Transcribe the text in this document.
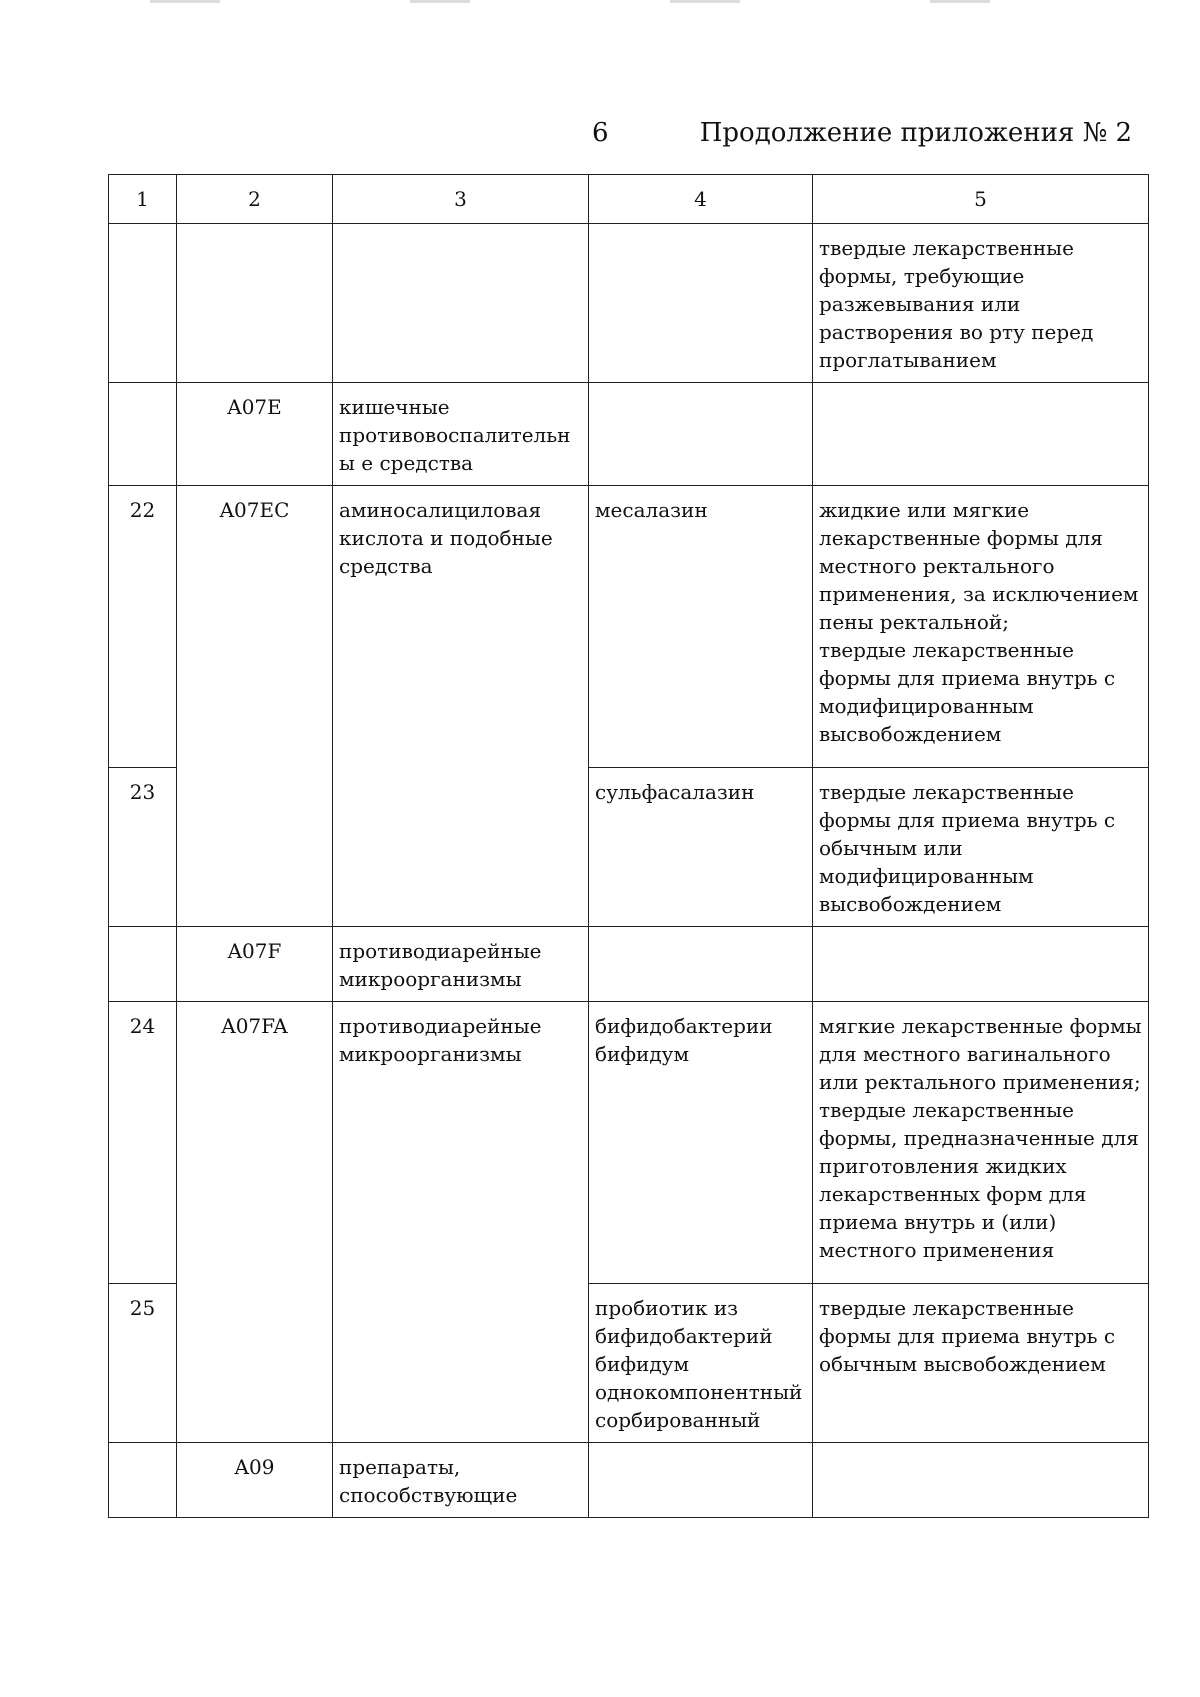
6	Продолжение приложения № 2
1	2	3	4	5
				твердые лекарственные формы, требующие разжевывания или растворения во рту перед проглатыванием
	A07E	кишечные противовоспалительны е средства		
22	A07EC	аминосалициловая кислота и подобные средства	месалазин	жидкие или мягкие лекарственные формы для местного ректального применения, за исключением пены ректальной;
твердые лекарственные формы для приема внутрь с модифицированным высвобождением
23			сульфасалазин	твердые лекарственные формы для приема внутрь с обычным или модифицированным высвобождением
	A07F	противодиарейные микроорганизмы		
24	A07FA	противодиарейные микроорганизмы	бифидобактерии бифидум	мягкие лекарственные формы для местного вагинального или ректального применения;
твердые лекарственные формы, предназначенные для приготовления жидких лекарственных форм для приема внутрь и (или) местного применения
25			пробиотик из бифидобактерий бифидум однокомпонентный сорбированный	твердые лекарственные формы для приема внутрь с обычным высвобождением
	A09	препараты, способствующие		
